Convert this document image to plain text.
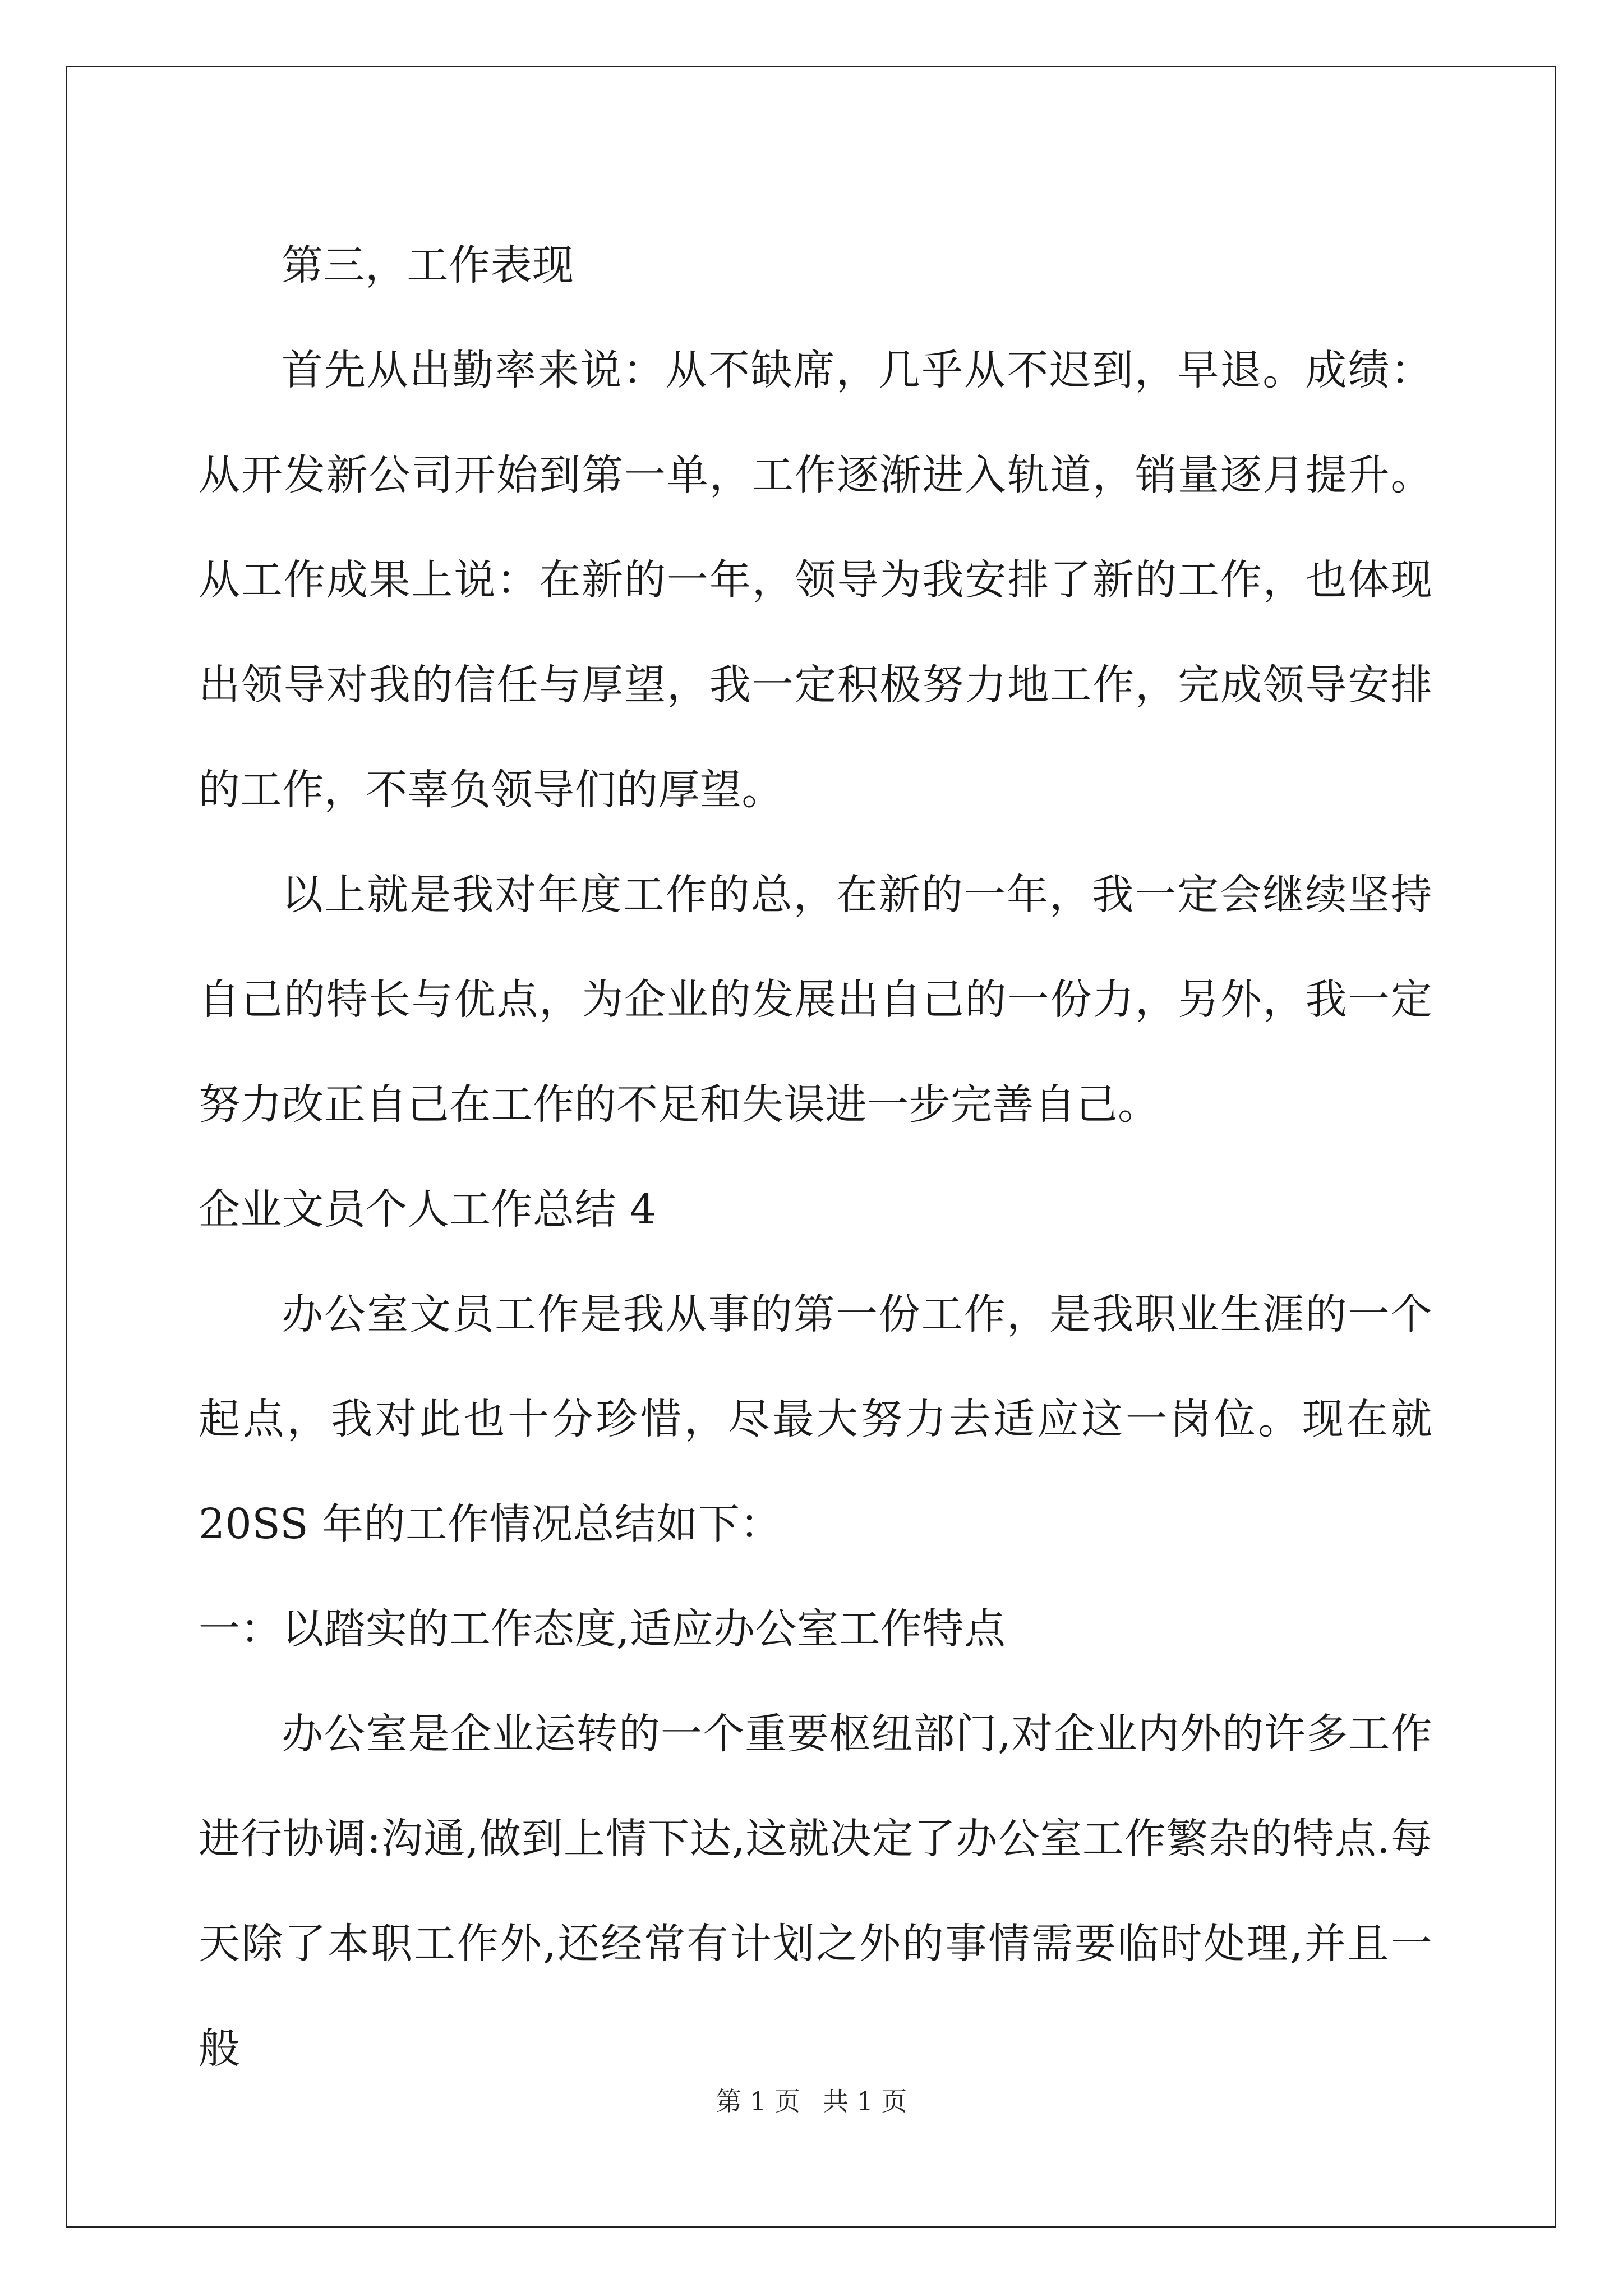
第三，工作表现

首先从出勤率来说：从不缺席，几乎从不迟到，早退。成绩：从开发新公司开始到第一单，工作逐渐进入轨道，销量逐月提升。从工作成果上说：在新的一年，领导为我安排了新的工作，也体现出领导对我的信任与厚望，我一定积极努力地工作，完成领导安排的工作，不辜负领导们的厚望。

以上就是我对年度工作的总，在新的一年，我一定会继续坚持自己的特长与优点，为企业的发展出自己的一份力，另外，我一定努力改正自己在工作的不足和失误进一步完善自己。

企业文员个人工作总结 4

办公室文员工作是我从事的第一份工作，是我职业生涯的一个起点，我对此也十分珍惜，尽最大努力去适应这一岗位。现在就 20SS 年的工作情况总结如下：

一：以踏实的工作态度,适应办公室工作特点

办公室是企业运转的一个重要枢纽部门,对企业内外的许多工作进行协调:沟通,做到上情下达,这就决定了办公室工作繁杂的特点.每天除了本职工作外,还经常有计划之外的事情需要临时处理,并且一般

第 1 页 共 1 页
